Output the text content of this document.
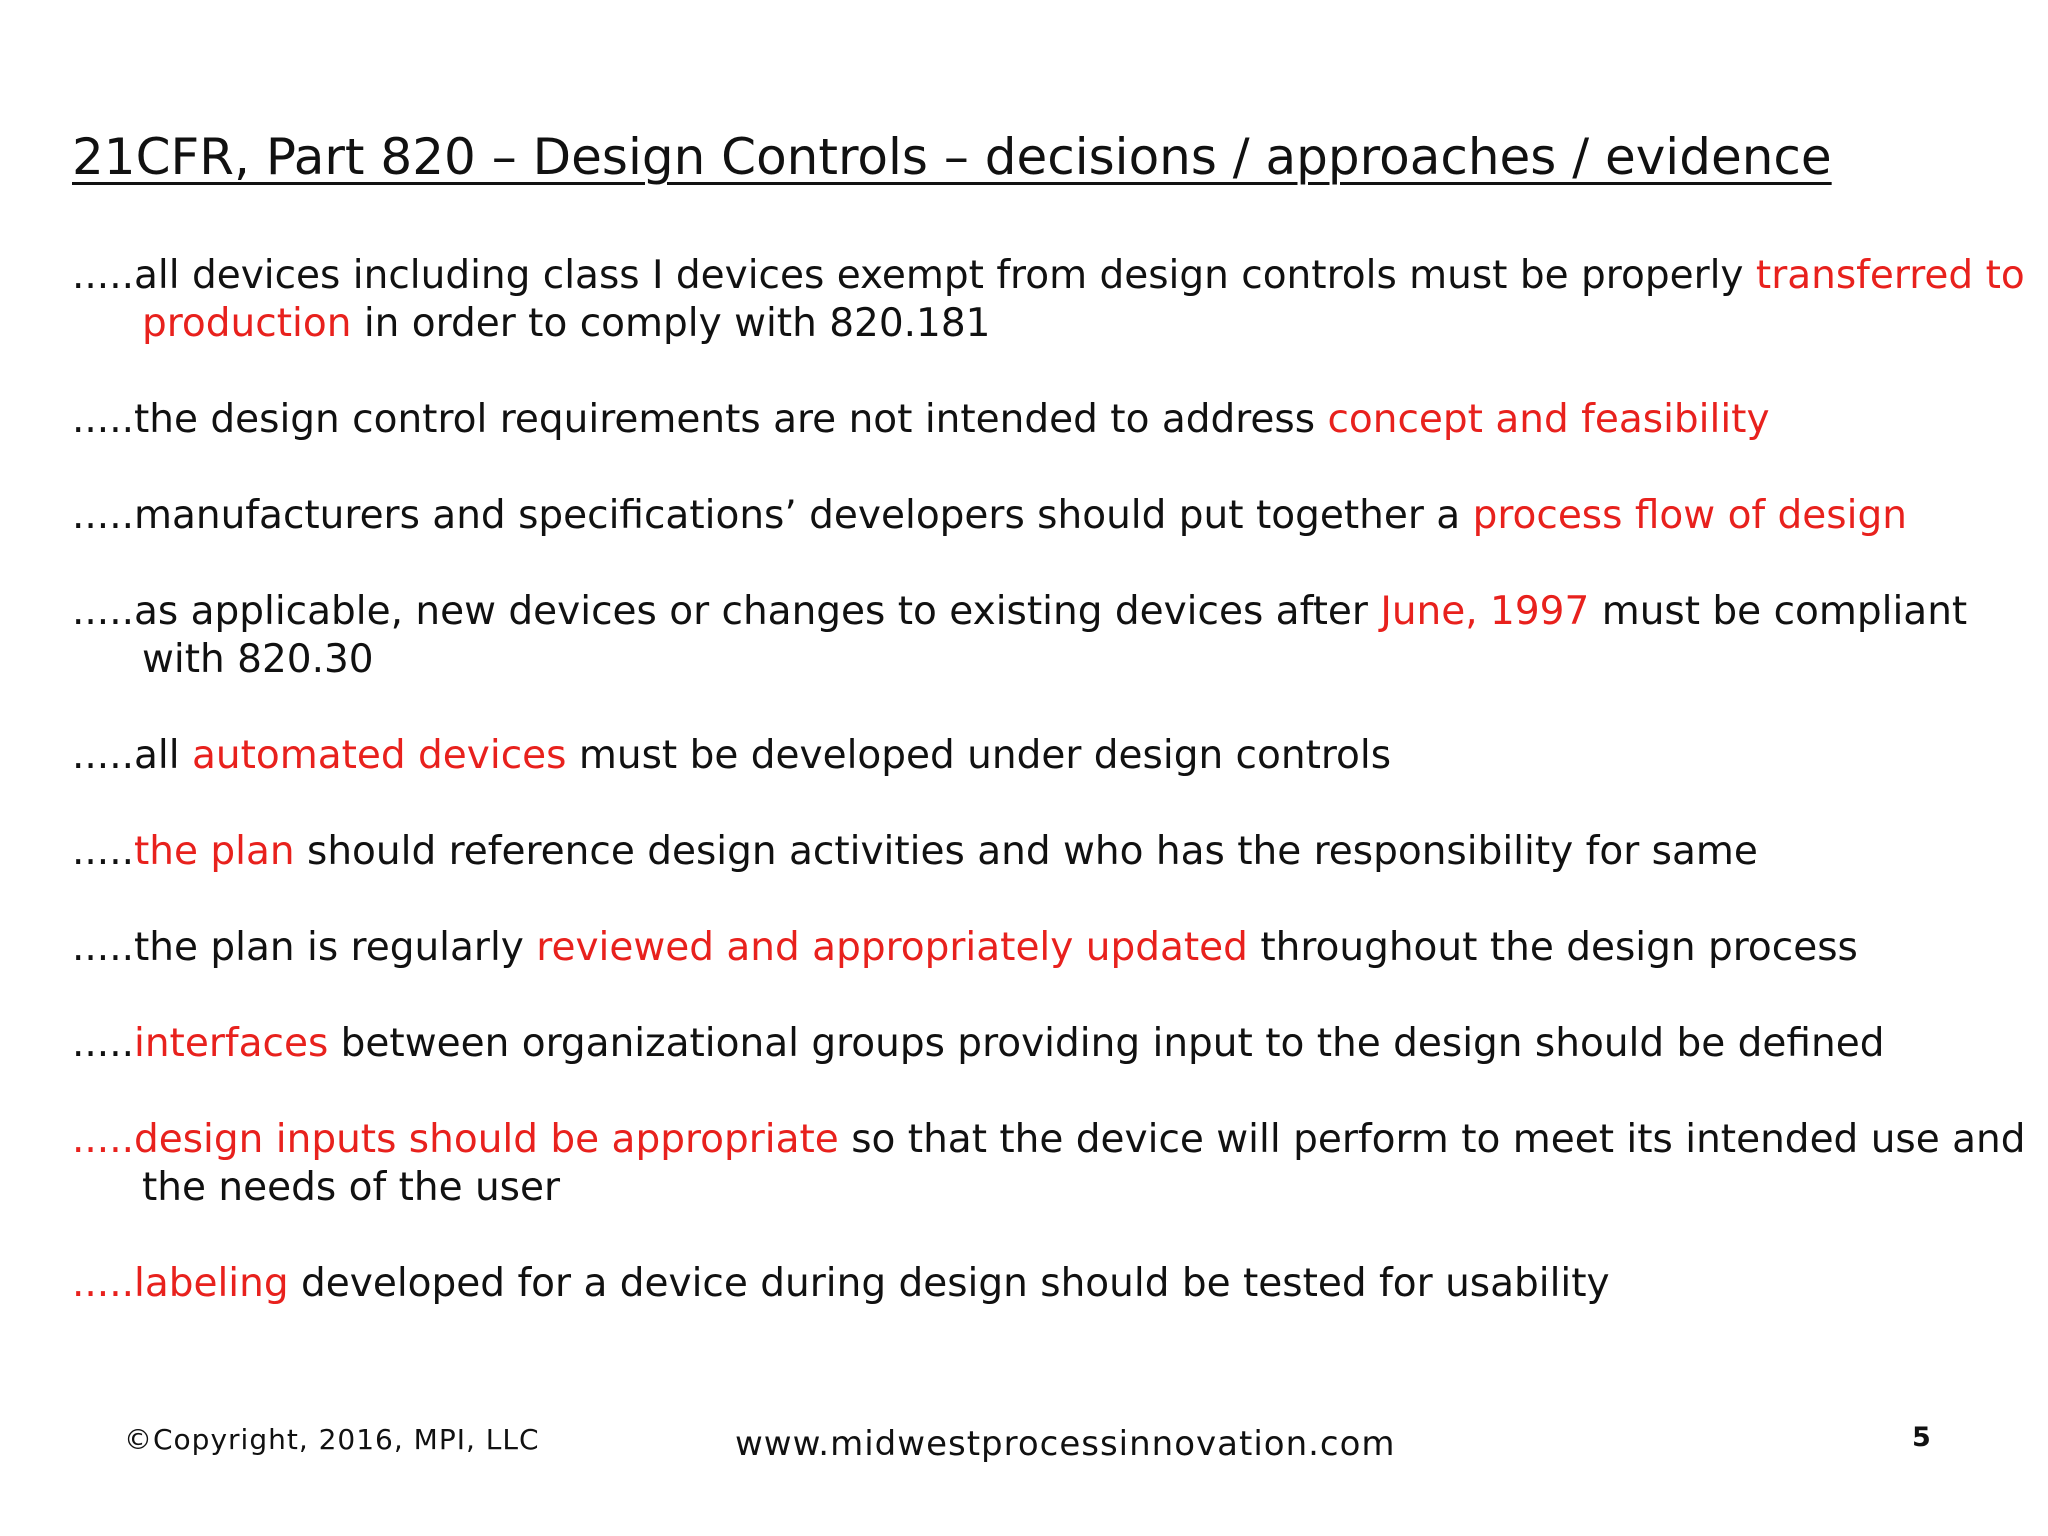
21CFR, Part 820 – Design Controls – decisions / approaches / evidence
.....all devices including class I devices exempt from design controls must be properly transferred to production in order to comply with 820.181
.....the design control requirements are not intended to address concept and feasibility
.....manufacturers and specifications’ developers should put together a process flow of design
.....as applicable, new devices or changes to existing devices after June, 1997 must be compliant with 820.30
.....all automated devices must be developed under design controls
.....the plan should reference design activities and who has the responsibility for same
.....the plan is regularly reviewed and appropriately updated throughout the design process
.....interfaces between organizational groups providing input to the design should be defined
.....design inputs should be appropriate so that the device will perform to meet its intended use and the needs of the user
.....labeling developed for a device during design should be tested for usability
©Copyright, 2016, MPI, LLC	www.midwestprocessinnovation.com	5
